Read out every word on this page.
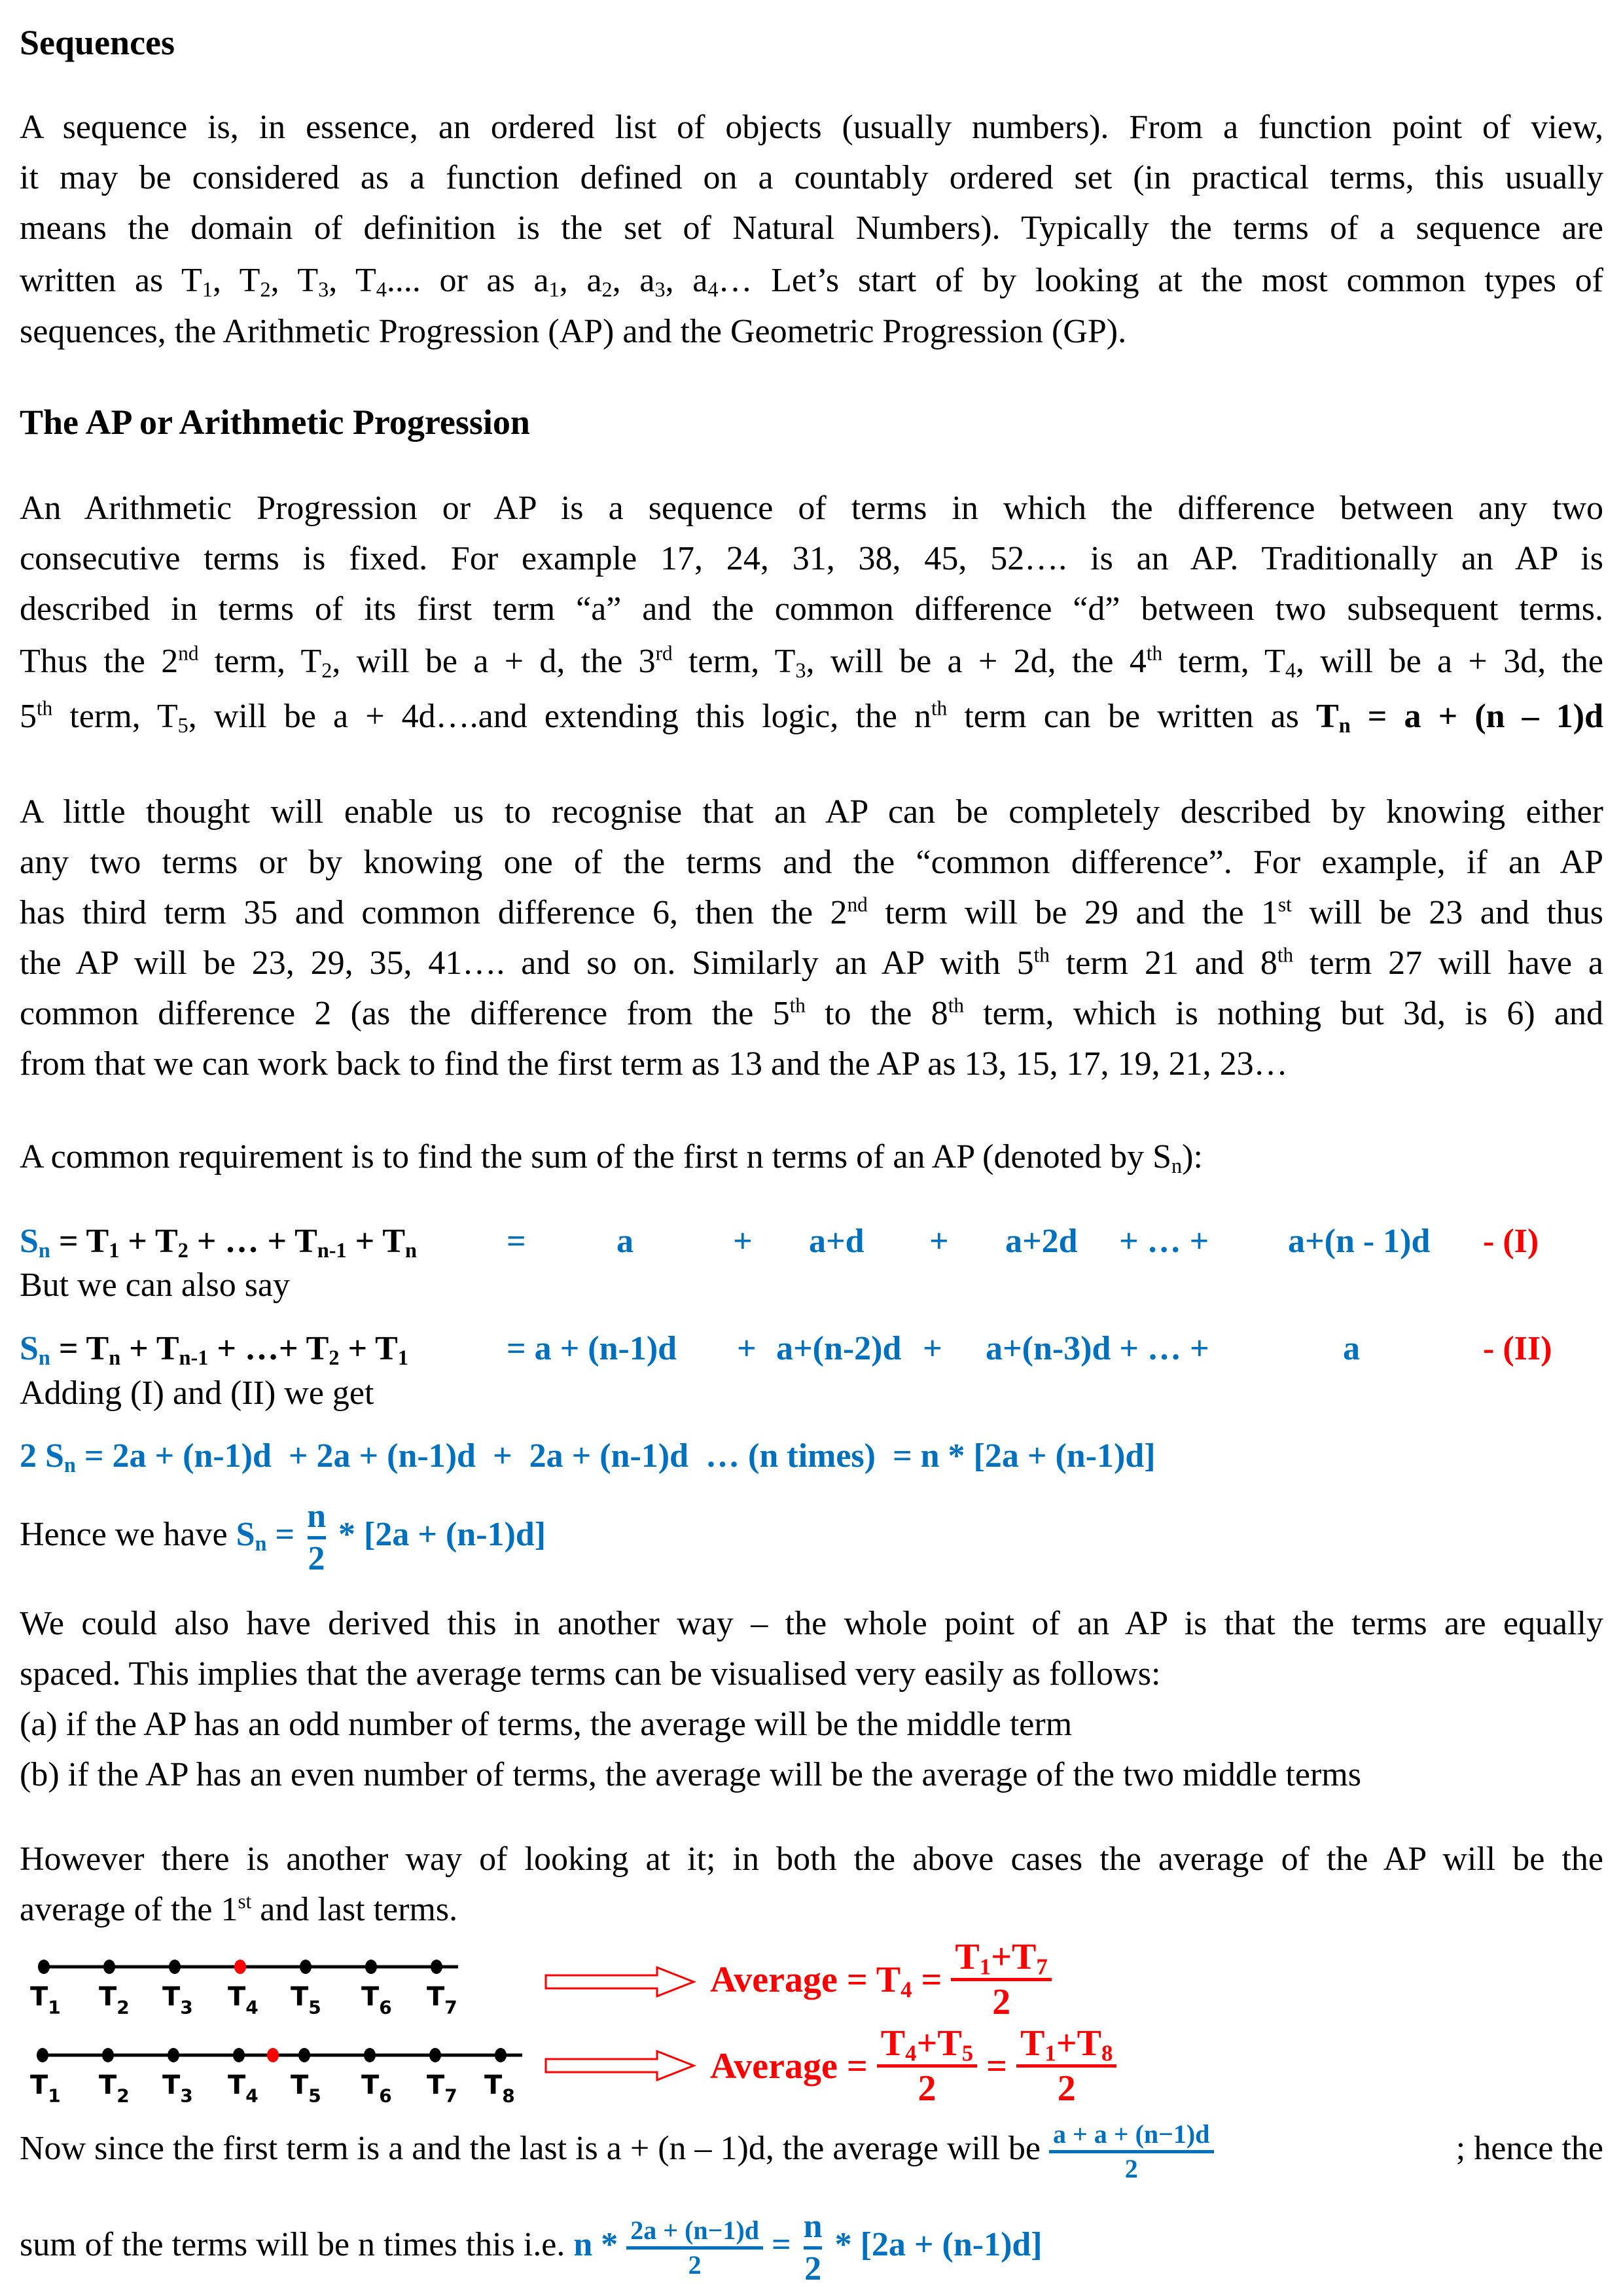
Sequences
A sequence is, in essence, an ordered list of objects (usually numbers). From a function point of view,
it may be considered as a function defined on a countably ordered set (in practical terms, this usually
means the domain of definition is the set of Natural Numbers). Typically the terms of a sequence are
written as $T_1$, $T_2$, $T_3$, $T_4$.... or as $a_1$, $a_2$, $a_3$, $a_4\dots$ Let’s start of by looking at the most common types of
sequences, the Arithmetic Progression (AP) and the Geometric Progression (GP).
The AP or Arithmetic Progression
An Arithmetic Progression or AP is a sequence of terms in which the difference between any two
consecutive terms is fixed. For example 17, 24, 31, 38, 45, 52…. is an AP. Traditionally an AP is
described in terms of its first term “a” and the common difference “d” between two subsequent terms.
Thus the 2nd term, $T_2$, will be a + d, the 3rd term, $T_3$, will be a + 2d, the 4th term, $T_4$, will be a + 3d, the
5th term, $T_5$, will be a + 4d….and extending this logic, the $n^{th}$ term can be written as $T_n = a + (n - 1)d$
A little thought will enable us to recognise that an AP can be completely described by knowing either
any two terms or by knowing one of the terms and the “common difference”. For example, if an AP
has third term 35 and common difference 6, then the 2nd term will be 29 and the 1st will be 23 and thus
the AP will be 23, 29, 35, 41…. and so on. Similarly an AP with 5th term 21 and 8th term 27 will have a
common difference 2 (as the difference from the 5th to the 8th term, which is nothing but 3d, is 6) and
from that we can work back to find the first term as 13 and the AP as 13, 15, 17, 19, 21, 23…
A common requirement is to find the sum of the first n terms of an AP (denoted by $S_n$):
$S_n = T_1 + T_2$ + … + $T_{n-1} + T_n$	=	a	+ a+d + a+2d + … + a+(n - 1)d - (I)
But we can also say
$S_n = T_n + T_{n-1}$ + …+ $T_2 + T_1$	= a + (n-1)d + a+(n-2)d + a+(n-3)d + … +	a	- (II)
Adding (I) and (II) we get
2 $S_n = 2a + (n-1)d + 2a + (n-1)d + 2a + (n-1)d$  … (n times)  = n * [2a + (n-1)d]
Hence we have $S_n = n$
2
* [2a + (n-1)d]
We could also have derived this in another way – the whole point of an AP is that the terms are equally
spaced. This implies that the average terms can be visualised very easily as follows:
(a) if the AP has an odd number of terms, the average will be the middle term
(b) if the AP has an even number of terms, the average will be the average of the two middle terms
However there is another way of looking at it; in both the above cases the average of the AP will be the
average of the 1st and last terms.
$T_1$ $T_2$ $T_3$ $T_4$ $T_5$ $T_6$ $T_7$
$T_1$ $T_2$ $T_3$ $T_4$ $T_5$ $T_6$ $T_7$ $T_8$
Average = $T_4$ =
$T_1+T_7$
2
Average =
$T_4+T_5$
2
=
$T_1+T_8$
2
Now since the first term is a and the last is a + (n – 1)d, the average will be a + a + (n−1)d
2
; hence the
sum of the terms will be n times this i.e. n * 2a + (n−1)d
2
= n
2
* [2a + (n-1)d]
